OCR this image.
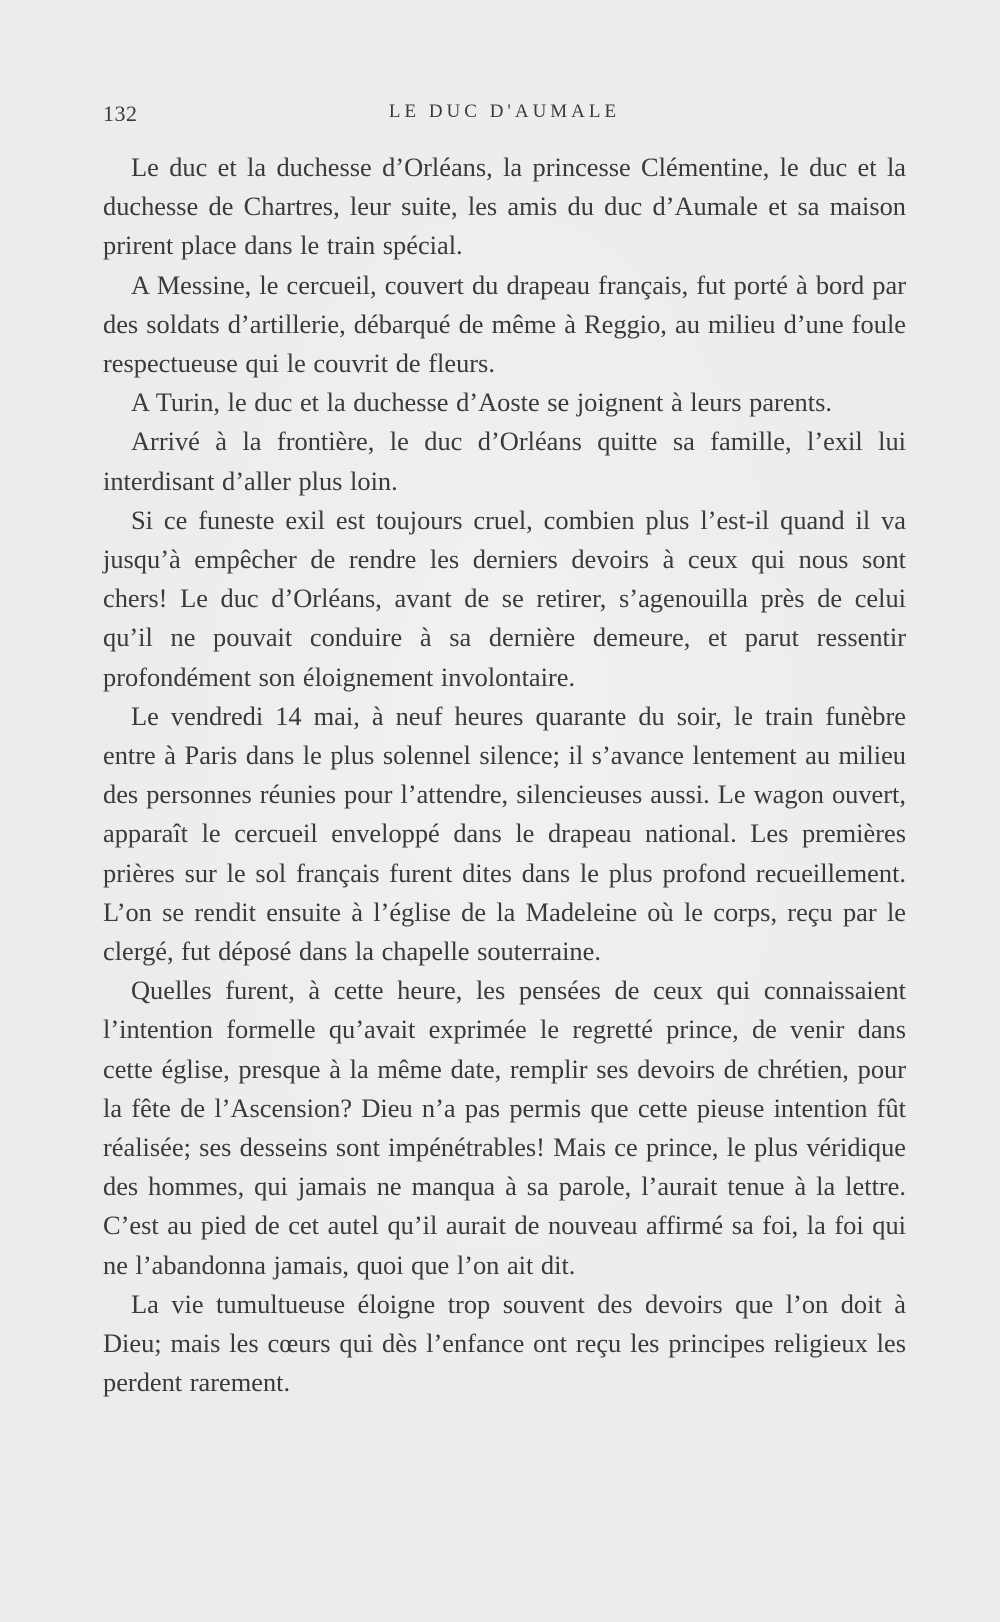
132	LE DUC D'AUMALE

Le duc et la duchesse d’Orléans, la princesse Clémentine, le duc et la duchesse de Chartres, leur suite, les amis du duc d’Aumale et sa maison prirent place dans le train spécial.

A Messine, le cercueil, couvert du drapeau français, fut porté à bord par des soldats d’artillerie, débarqué de même à Reggio, au milieu d’une foule respectueuse qui le couvrit de fleurs.

A Turin, le duc et la duchesse d’Aoste se joignent à leurs parents.

Arrivé à la frontière, le duc d’Orléans quitte sa famille, l’exil lui interdisant d’aller plus loin.

Si ce funeste exil est toujours cruel, combien plus l’est-il quand il va jusqu’à empêcher de rendre les derniers devoirs à ceux qui nous sont chers! Le duc d’Orléans, avant de se retirer, s’agenouilla près de celui qu’il ne pouvait conduire à sa dernière demeure, et parut ressentir profondément son éloignement involontaire.

Le vendredi 14 mai, à neuf heures quarante du soir, le train funèbre entre à Paris dans le plus solennel silence; il s’avance lentement au milieu des personnes réunies pour l’attendre, silencieuses aussi. Le wagon ouvert, apparaît le cercueil enveloppé dans le drapeau national. Les premières prières sur le sol français furent dites dans le plus profond recueillement. L’on se rendit ensuite à l’église de la Madeleine où le corps, reçu par le clergé, fut déposé dans la chapelle souterraine.

Quelles furent, à cette heure, les pensées de ceux qui connaissaient l’intention formelle qu’avait exprimée le regretté prince, de venir dans cette église, presque à la même date, remplir ses devoirs de chrétien, pour la fête de l’Ascension? Dieu n’a pas permis que cette pieuse intention fût réalisée; ses desseins sont impénétrables! Mais ce prince, le plus véridique des hommes, qui jamais ne manqua à sa parole, l’aurait tenue à la lettre. C’est au pied de cet autel qu’il aurait de nouveau affirmé sa foi, la foi qui ne l’abandonna jamais, quoi que l’on ait dit.

La vie tumultueuse éloigne trop souvent des devoirs que l’on doit à Dieu; mais les cœurs qui dès l’enfance ont reçu les principes religieux les perdent rarement.
